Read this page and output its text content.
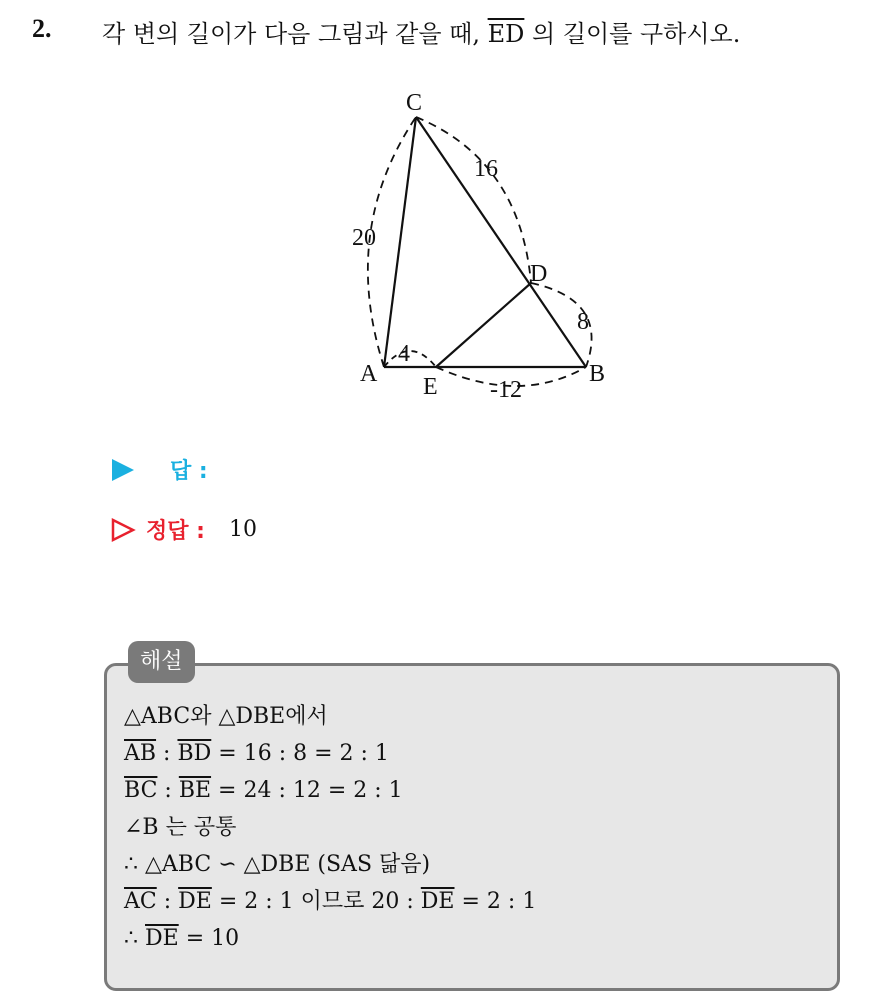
2. 각 변의 길이가 다음 그림과 같을 때, $\overline{ED}$ 의 길이를 구하시오.
C
A	B
D
E
20
16
8
4
-12
답 :
정답 : 10
해설
△ABC와 △DBE에서
$\overline{AB}$ : $\overline{BD} = 16$ : 8 = 2 : 1
$\overline{BC}$ : $\overline{BE} = 24$ : 12 = 2 : 1
∠B 는 공통
∴ △ABC ∽ △DBE (SAS 닮음)
$\overline{AC}$ : $\overline{DE} = 2$ : 1 이므로 20 : $\overline{DE} = 2$ : 1
∴ $\overline{DE} = 10$
